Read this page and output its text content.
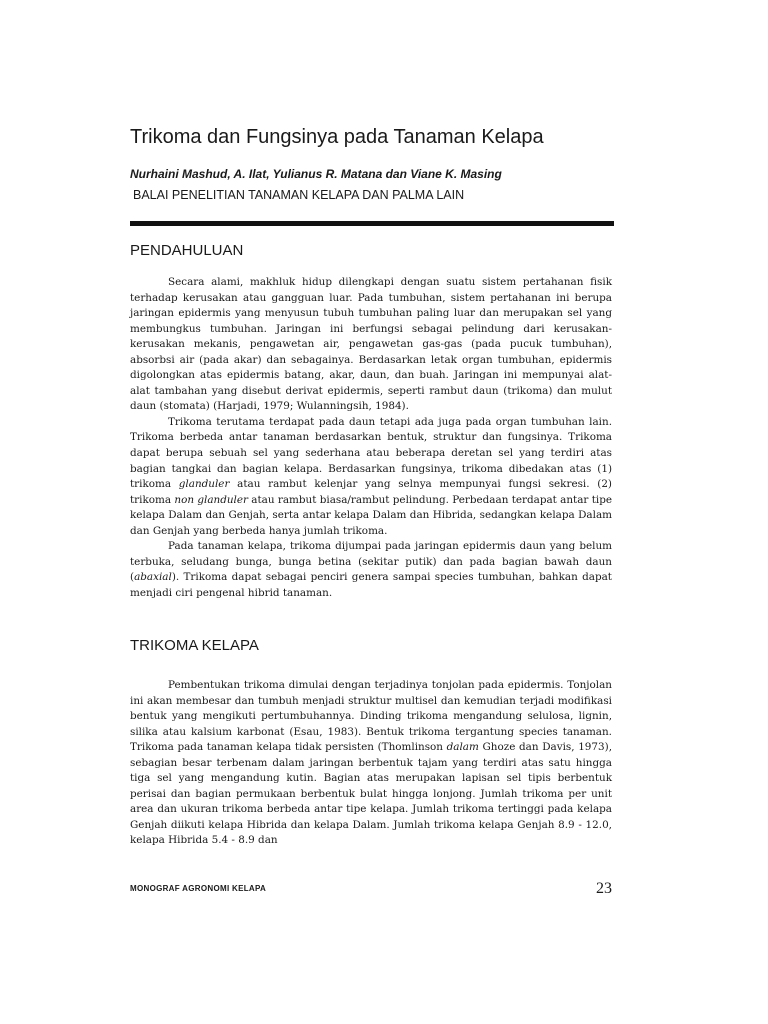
Trikoma dan Fungsinya pada Tanaman Kelapa
Nurhaini Mashud, A. Ilat, Yulianus R. Matana dan Viane K. Masing
BALAI PENELITIAN TANAMAN KELAPA DAN PALMA LAIN
PENDAHULUAN

Secara alami, makhluk hidup dilengkapi dengan suatu sistem pertahanan fisik terhadap kerusakan atau gangguan luar. Pada tumbuhan, sistem pertahanan ini berupa jaringan epidermis yang menyusun tubuh tumbuhan paling luar dan merupakan sel yang membungkus tumbuhan. Jaringan ini berfungsi sebagai pelindung dari kerusakan-kerusakan mekanis, pengawetan air, pengawetan gas-gas (pada pucuk tumbuhan), absorbsi air (pada akar) dan sebagainya. Berdasarkan letak organ tumbuhan, epidermis digolongkan atas epidermis batang, akar, daun, dan buah. Jaringan ini mempunyai alat-alat tambahan yang disebut derivat epidermis, seperti rambut daun (trikoma) dan mulut daun (stomata) (Harjadi, 1979; Wulanningsih, 1984).

Trikoma terutama terdapat pada daun tetapi ada juga pada organ tumbuhan lain. Trikoma berbeda antar tanaman berdasarkan bentuk, struktur dan fungsinya. Trikoma dapat berupa sebuah sel yang sederhana atau beberapa deretan sel yang terdiri atas bagian tangkai dan bagian kelapa. Berdasarkan fungsinya, trikoma dibedakan atas (1) trikoma glanduler atau rambut kelenjar yang selnya mempunyai fungsi sekresi. (2) trikoma non glanduler atau rambut biasa/rambut pelindung. Perbedaan terdapat antar tipe kelapa Dalam dan Genjah, serta antar kelapa Dalam dan Hibrida, sedangkan kelapa Dalam dan Genjah yang berbeda hanya jumlah trikoma.

Pada tanaman kelapa, trikoma dijumpai pada jaringan epidermis daun yang belum terbuka, seludang bunga, bunga betina (sekitar putik) dan pada bagian bawah daun (abaxial). Trikoma dapat sebagai penciri genera sampai species tumbuhan, bahkan dapat menjadi ciri pengenal hibrid tanaman.

TRIKOMA KELAPA

Pembentukan trikoma dimulai dengan terjadinya tonjolan pada epidermis. Tonjolan ini akan membesar dan tumbuh menjadi struktur multisel dan kemudian terjadi modifikasi bentuk yang mengikuti pertumbuhannya. Dinding trikoma mengandung selulosa, lignin, silika atau kalsium karbonat (Esau, 1983). Bentuk trikoma tergantung species tanaman. Trikoma pada tanaman kelapa tidak persisten (Thomlinson dalam Ghoze dan Davis, 1973), sebagian besar terbenam dalam jaringan berbentuk tajam yang terdiri atas satu hingga tiga sel yang mengandung kutin. Bagian atas merupakan lapisan sel tipis berbentuk perisai dan bagian permukaan berbentuk bulat hingga lonjong. Jumlah trikoma per unit area dan ukuran trikoma berbeda antar tipe kelapa. Jumlah trikoma tertinggi pada kelapa Genjah diikuti kelapa Hibrida dan kelapa Dalam. Jumlah trikoma kelapa Genjah 8.9 - 12.0, kelapa Hibrida 5.4 - 8.9 dan

MONOGRAF AGRONOMI KELAPA	23
